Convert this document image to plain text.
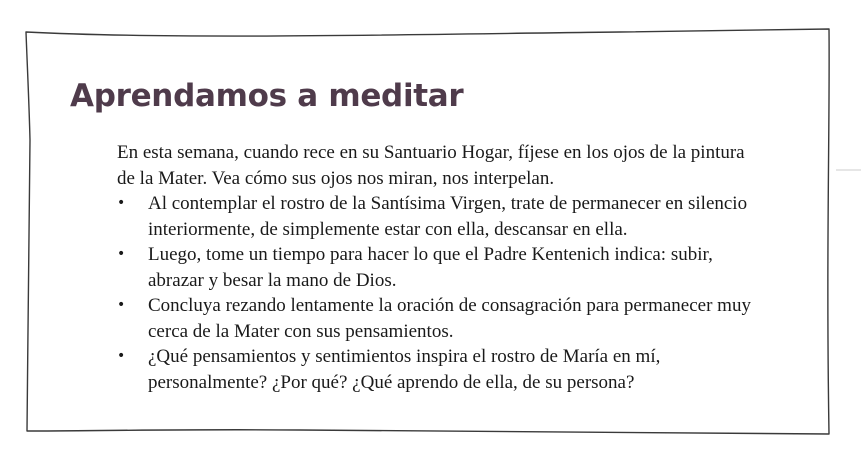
Aprendamos a meditar

En esta semana, cuando rece en su Santuario Hogar, fíjese en los ojos de la pintura de la Mater. Vea cómo sus ojos nos miran, nos interpelan.

• Al contemplar el rostro de la Santísima Virgen, trate de permanecer en silencio interiormente, de simplemente estar con ella, descansar en ella.
• Luego, tome un tiempo para hacer lo que el Padre Kentenich indica: subir, abrazar y besar la mano de Dios.
• Concluya rezando lentamente la oración de consagración para permanecer muy cerca de la Mater con sus pensamientos.
• ¿Qué pensamientos y sentimientos inspira el rostro de María en mí, personalmente? ¿Por qué? ¿Qué aprendo de ella, de su persona?
